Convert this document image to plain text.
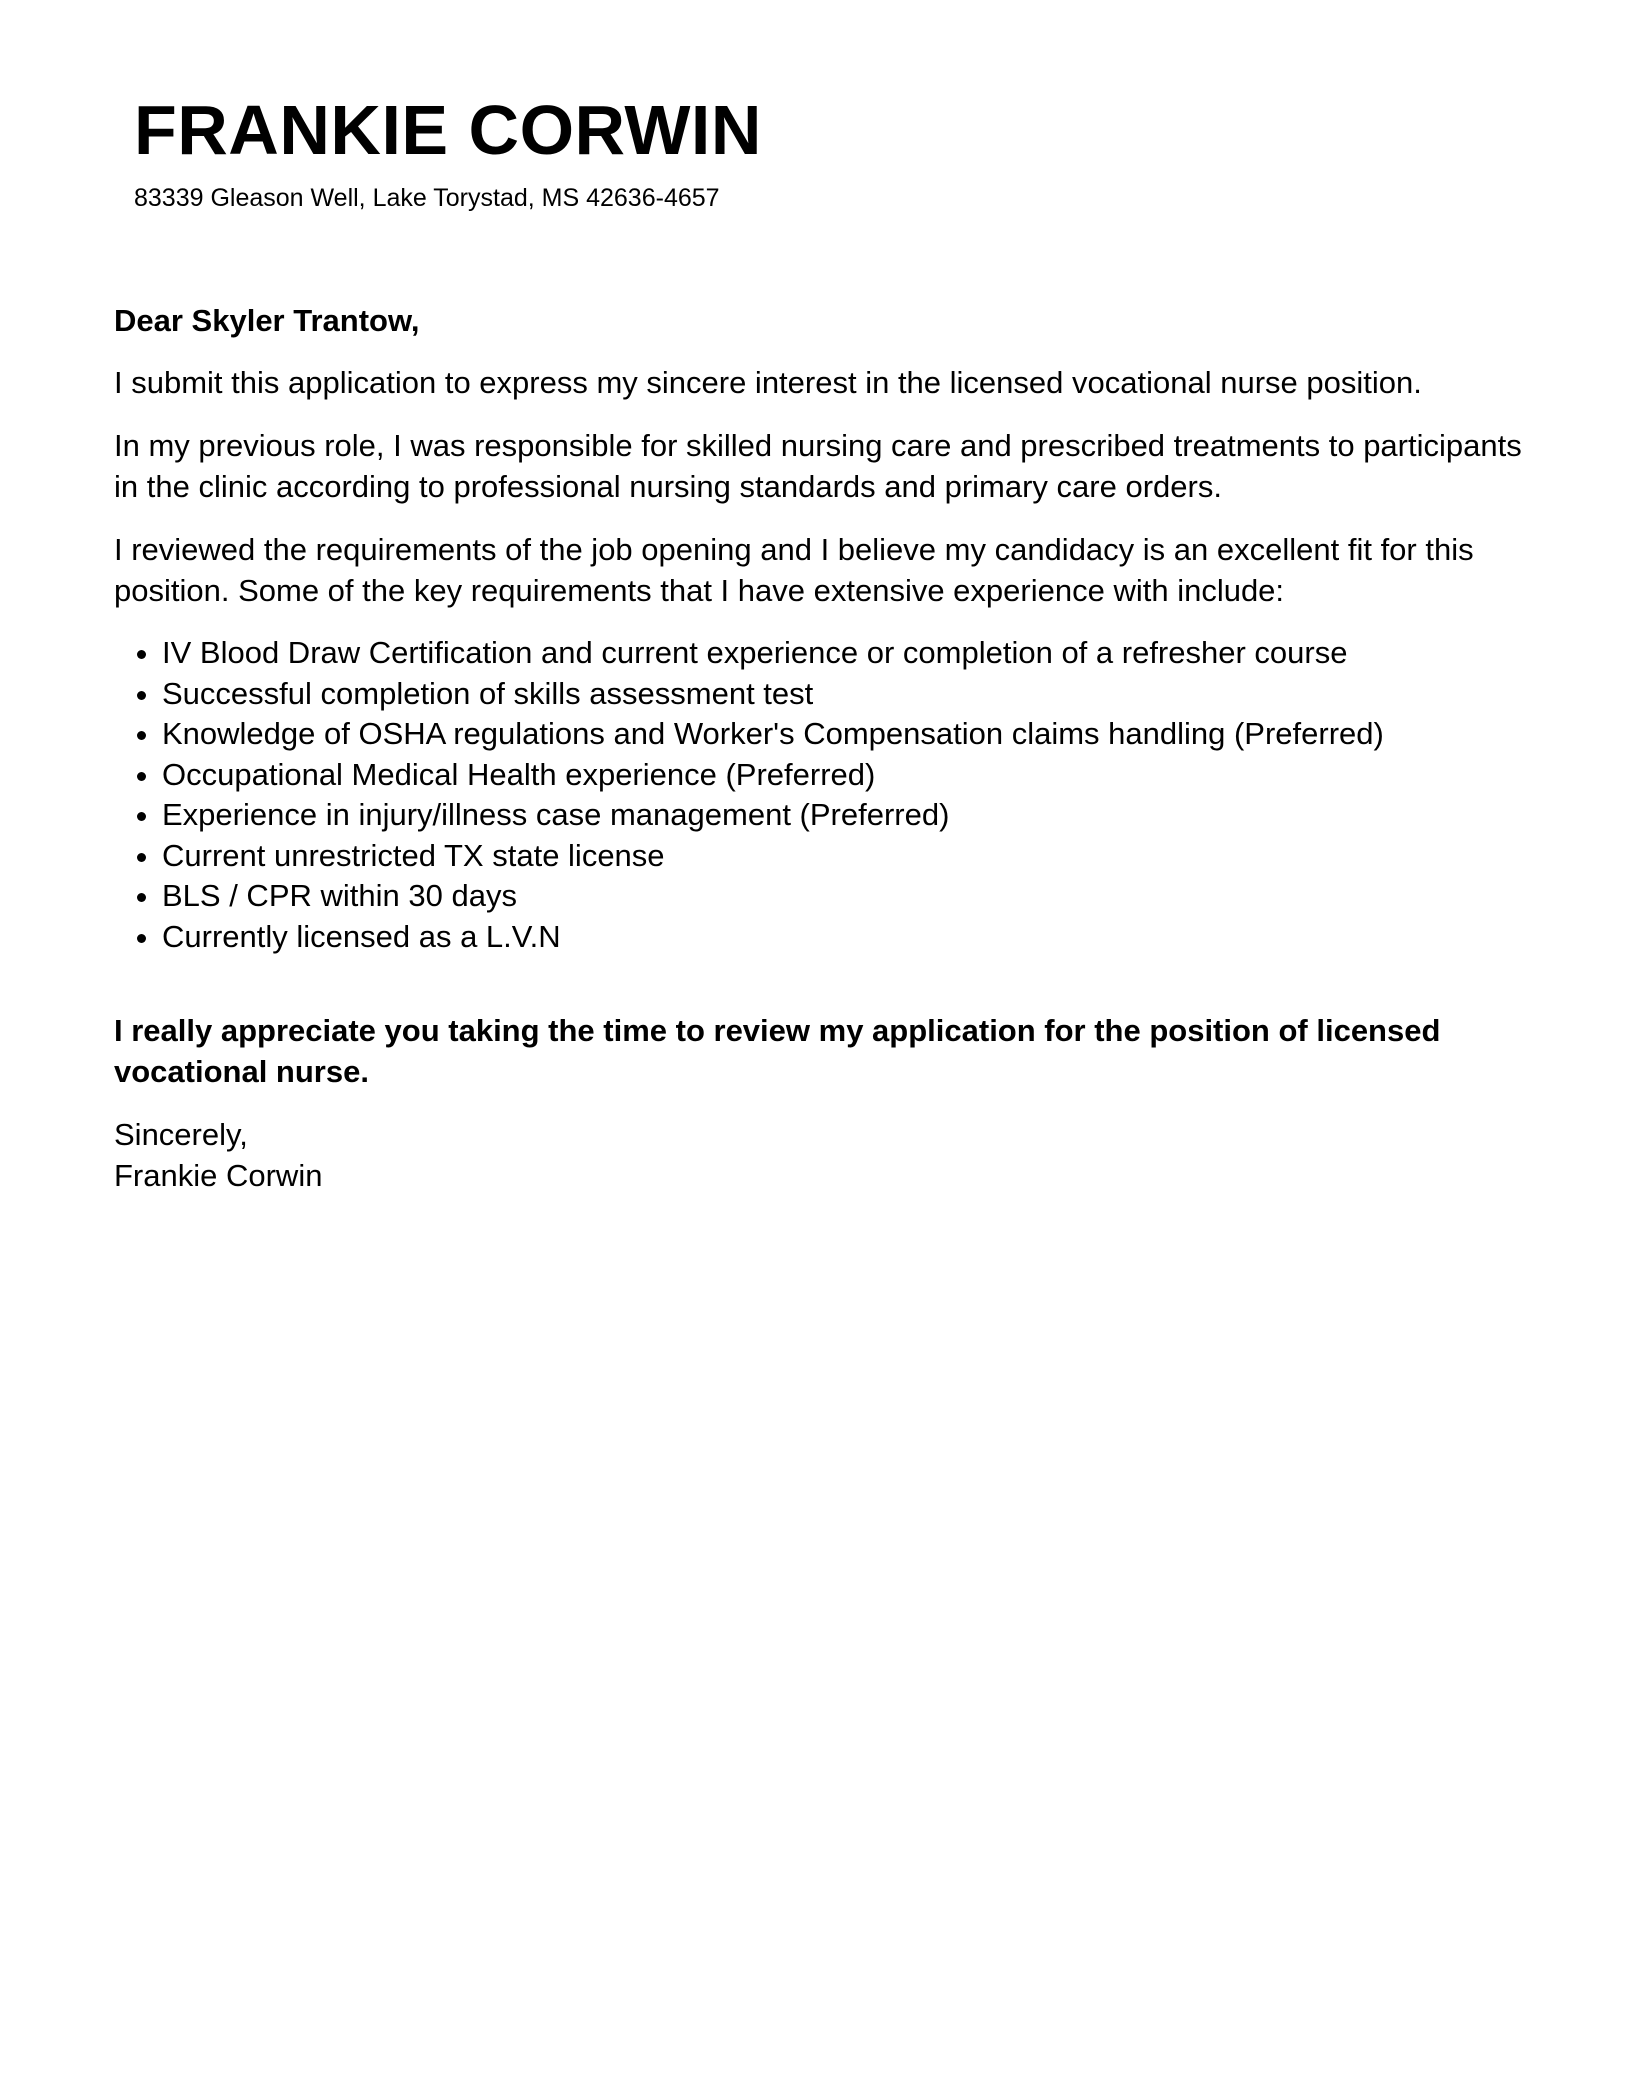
FRANKIE CORWIN

83339 Gleason Well, Lake Torystad, MS 42636-4657

Dear Skyler Trantow,

I submit this application to express my sincere interest in the licensed vocational nurse position.

In my previous role, I was responsible for skilled nursing care and prescribed treatments to participants in the clinic according to professional nursing standards and primary care orders.

I reviewed the requirements of the job opening and I believe my candidacy is an excellent fit for this position. Some of the key requirements that I have extensive experience with include:

IV Blood Draw Certification and current experience or completion of a refresher course
Successful completion of skills assessment test
Knowledge of OSHA regulations and Worker's Compensation claims handling (Preferred)
Occupational Medical Health experience (Preferred)
Experience in injury/illness case management (Preferred)
Current unrestricted TX state license
BLS / CPR within 30 days
Currently licensed as a L.V.N

I really appreciate you taking the time to review my application for the position of licensed vocational nurse.

Sincerely,
Frankie Corwin
